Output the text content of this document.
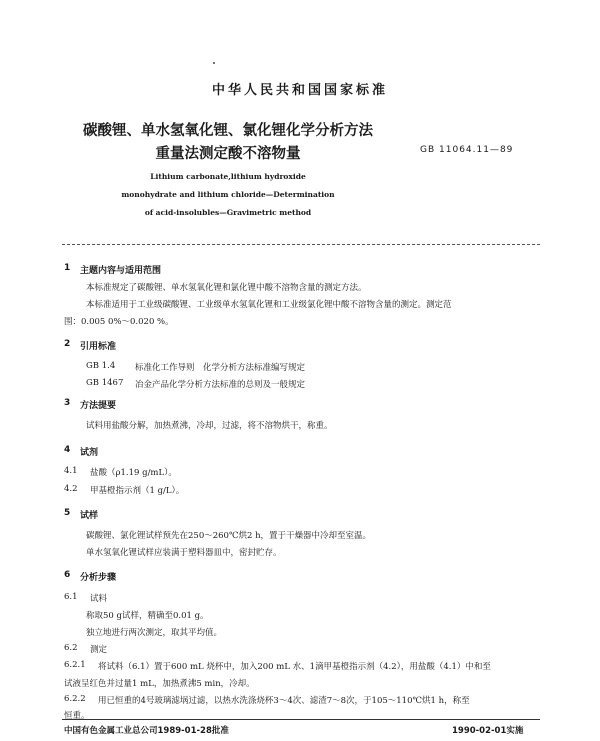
中华人民共和国国家标准
碳酸锂、单水氢氧化锂、氯化锂化学分析方法
重量法测定酸不溶物量	GB 11064.11—89
Lithium carbonate,lithium hydroxide
monohydrate and lithium chloride—Determination
of acid-insolubles—Gravimetric method
1 主题内容与适用范围
本标准规定了碳酸锂、单水氢氧化锂和氯化锂中酸不溶物含量的测定方法。
本标准适用于工业级碳酸锂、工业级单水氢氧化锂和工业级氯化锂中酸不溶物含量的测定。测定范
围：0.005 0%～0.020 %。
2 引用标准
GB 1.4 标准化工作导则　化学分析方法标准编写规定
GB 1467 冶金产品化学分析方法标准的总则及一般规定
3 方法提要
试料用盐酸分解，加热煮沸，冷却，过滤，将不溶物烘干，称重。
4 试剂
4.1 盐酸（ρ1.19 g/mL）。
4.2 甲基橙指示剂（1 g/L）。
5 试样
碳酸锂、氯化锂试样预先在250～260℃烘2 h，置于干燥器中冷却至室温。
单水氢氧化锂试样应装满于塑料器皿中，密封贮存。
6 分析步骤
6.1 试料
称取50 g试样，精确至0.01 g。
独立地进行两次测定，取其平均值。
6.2 测定
6.2.1 将试料（6.1）置于600 mL 烧杯中，加入200 mL 水、1滴甲基橙指示剂（4.2），用盐酸（4.1）中和至
试液呈红色并过量1 mL，加热煮沸5 min，冷却。
6.2.2 用已恒重的4号玻璃滤埚过滤，以热水洗涤烧杯3～4次、滤渣7～8次，于105～110℃烘1 h，称至
恒重。
中国有色金属工业总公司1989-01-28批准	1990-02-01实施
